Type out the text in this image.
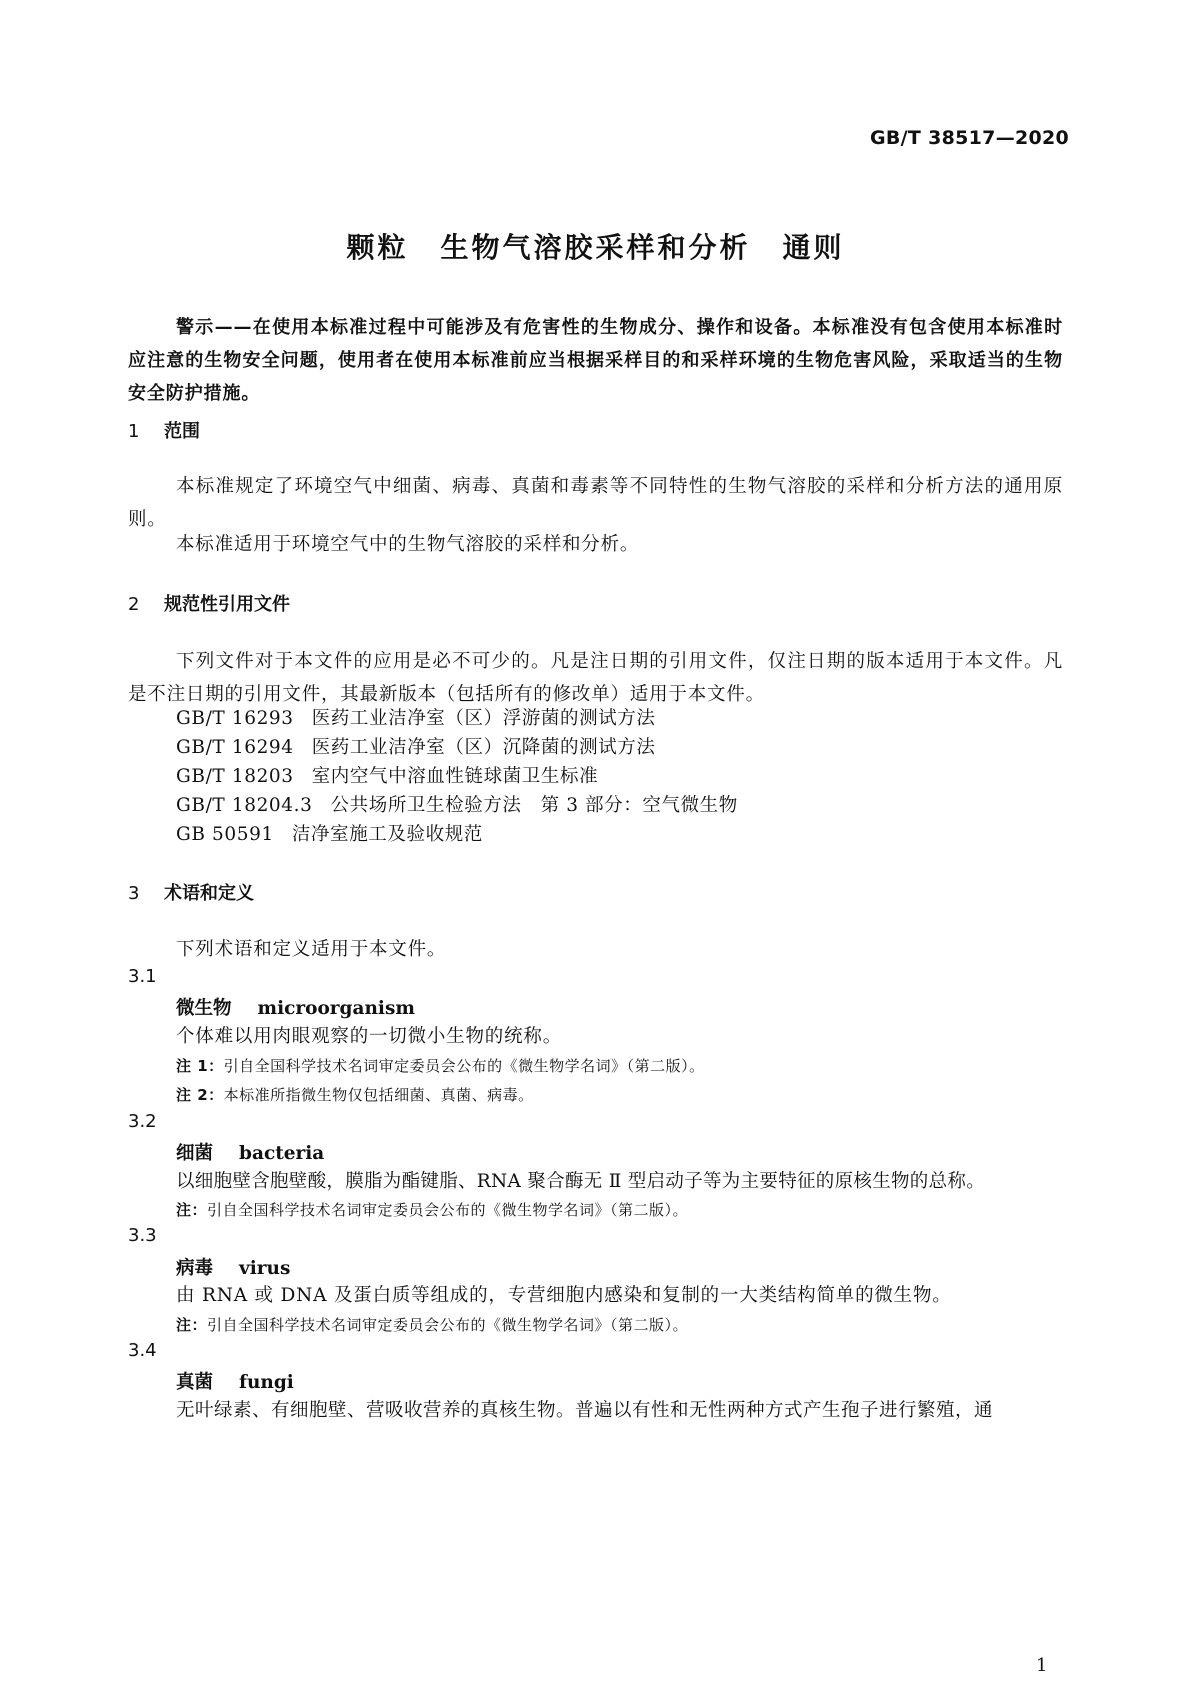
GB/T 38517—2020
颗粒 生物气溶胶采样和分析 通则
警示——在使用本标准过程中可能涉及有危害性的生物成分、操作和设备。本标准没有包含使用本标准时应注意的生物安全问题，使用者在使用本标准前应当根据采样目的和采样环境的生物危害风险，采取适当的生物安全防护措施。
1 范围
本标准规定了环境空气中细菌、病毒、真菌和毒素等不同特性的生物气溶胶的采样和分析方法的通用原则。
本标准适用于环境空气中的生物气溶胶的采样和分析。
2 规范性引用文件
下列文件对于本文件的应用是必不可少的。凡是注日期的引用文件，仅注日期的版本适用于本文件。凡是不注日期的引用文件，其最新版本（包括所有的修改单）适用于本文件。
GB/T 16293 医药工业洁净室（区）浮游菌的测试方法
GB/T 16294 医药工业洁净室（区）沉降菌的测试方法
GB/T 18203 室内空气中溶血性链球菌卫生标准
GB/T 18204.3 公共场所卫生检验方法　第 3 部分：空气微生物
GB 50591 洁净室施工及验收规范
3 术语和定义
下列术语和定义适用于本文件。
3.1
微生物 microorganism
个体难以用肉眼观察的一切微小生物的统称。
注 1：引自全国科学技术名词审定委员会公布的《微生物学名词》（第二版）。
注 2：本标准所指微生物仅包括细菌、真菌、病毒。
3.2
细菌 bacteria
以细胞壁含胞壁酸，膜脂为酯键脂、RNA 聚合酶无 Ⅱ 型启动子等为主要特征的原核生物的总称。
注：引自全国科学技术名词审定委员会公布的《微生物学名词》（第二版）。
3.3
病毒 virus
由 RNA 或 DNA 及蛋白质等组成的，专营细胞内感染和复制的一大类结构简单的微生物。
注：引自全国科学技术名词审定委员会公布的《微生物学名词》（第二版）。
3.4
真菌 fungi
无叶绿素、有细胞壁、营吸收营养的真核生物。普遍以有性和无性两种方式产生孢子进行繁殖，通
1
